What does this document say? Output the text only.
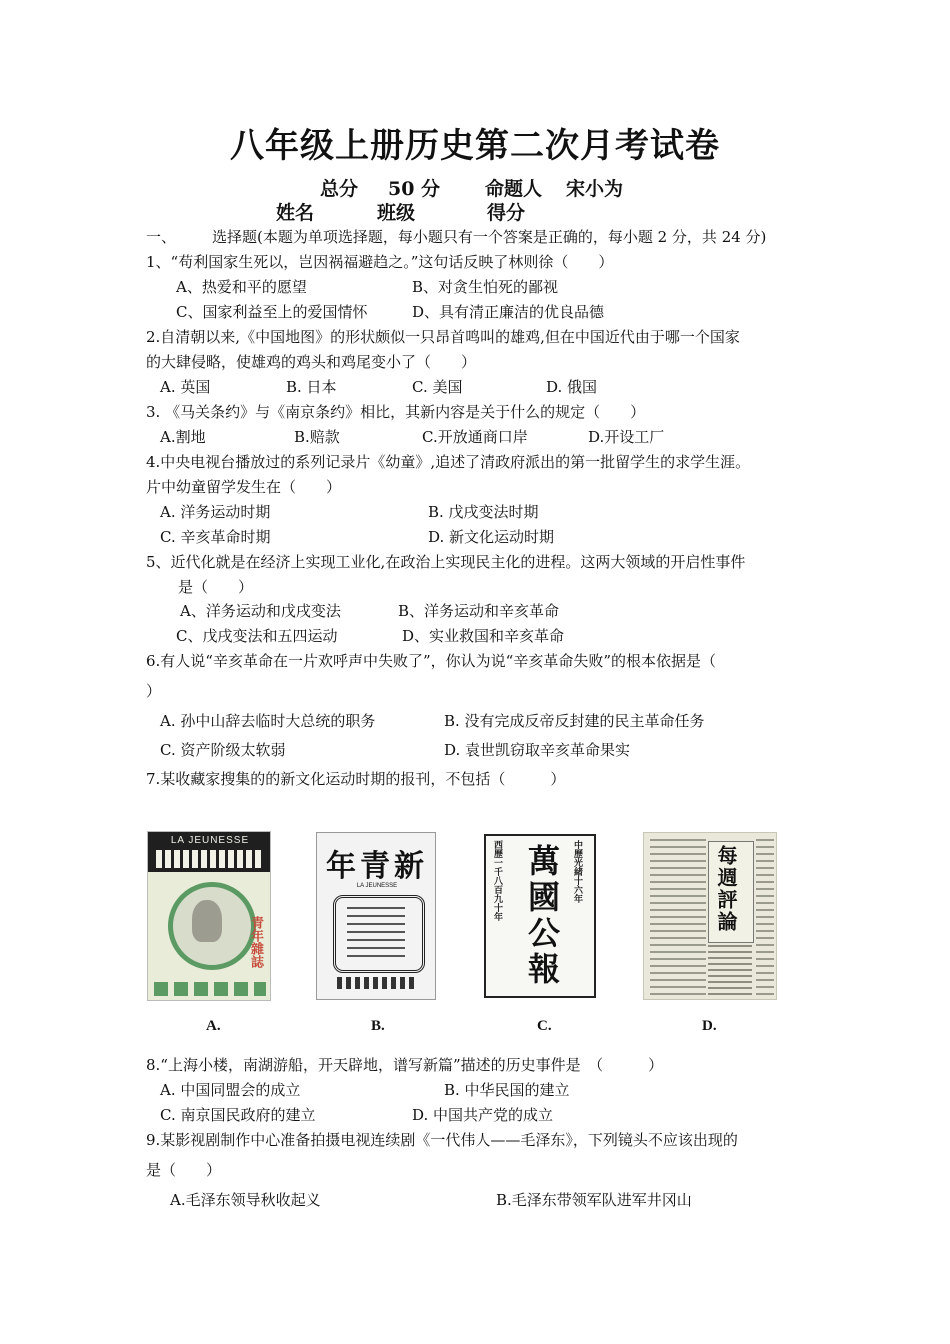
八年级上册历史第二次月考试卷
总分 50 分 命题人 宋小为
姓名	班级	得分
一、 选择题(本题为单项选择题，每小题只有一个答案是正确的，每小题 2 分，共 24 分)
1、“苟利国家生死以，岂因祸福避趋之。”这句话反映了林则徐（　　）
A、热爱和平的愿望	B、对贪生怕死的鄙视
C、国家利益至上的爱国情怀	D、具有清正廉洁的优良品德
2.自清朝以来,《中国地图》的形状颇似一只昂首鸣叫的雄鸡,但在中国近代由于哪一个国家
的大肆侵略，使雄鸡的鸡头和鸡尾变小了（　　）
A. 英国	B. 日本	C. 美国	D. 俄国
3. 《马关条约》与《南京条约》相比，其新内容是关于什么的规定（　　）
A.割地	B.赔款	C.开放通商口岸	D.开设工厂
4.中央电视台播放过的系列记录片《幼童》,追述了清政府派出的第一批留学生的求学生涯。
片中幼童留学发生在（　　）
A. 洋务运动时期	B. 戊戌变法时期
C. 辛亥革命时期	D. 新文化运动时期
5、近代化就是在经济上实现工业化,在政治上实现民主化的进程。这两大领域的开启性事件
是（　　）
A、洋务运动和戊戌变法	B、洋务运动和辛亥革命
C、戊戌变法和五四运动	D、实业救国和辛亥革命
6.有人说“辛亥革命在一片欢呼声中失败了”，你认为说“辛亥革命失败”的根本依据是（
）
A. 孙中山辞去临时大总统的职务	B. 没有完成反帝反封建的民主革命任务
C. 资产阶级太软弱	D. 袁世凯窃取辛亥革命果实
7.某收藏家搜集的的新文化运动时期的报刊，不包括（　　　）
LA JEUNESSE
青年雜誌
A.
年青新
LA JEUNESSE
B.
萬國公報 中歷光緒十六年
西歷一千八百九十年
C.
每週評論
D.
8.“上海小楼，南湖游船，开天辟地，谱写新篇”描述的历史事件是　（　　　）
A. 中国同盟会的成立	B. 中华民国的建立
C. 南京国民政府的建立	D. 中国共产党的成立
9.某影视剧制作中心准备拍摄电视连续剧《一代伟人——毛泽东》，下列镜头不应该出现的
是（　　）
A.毛泽东领导秋收起义	B.毛泽东带领军队进军井冈山
